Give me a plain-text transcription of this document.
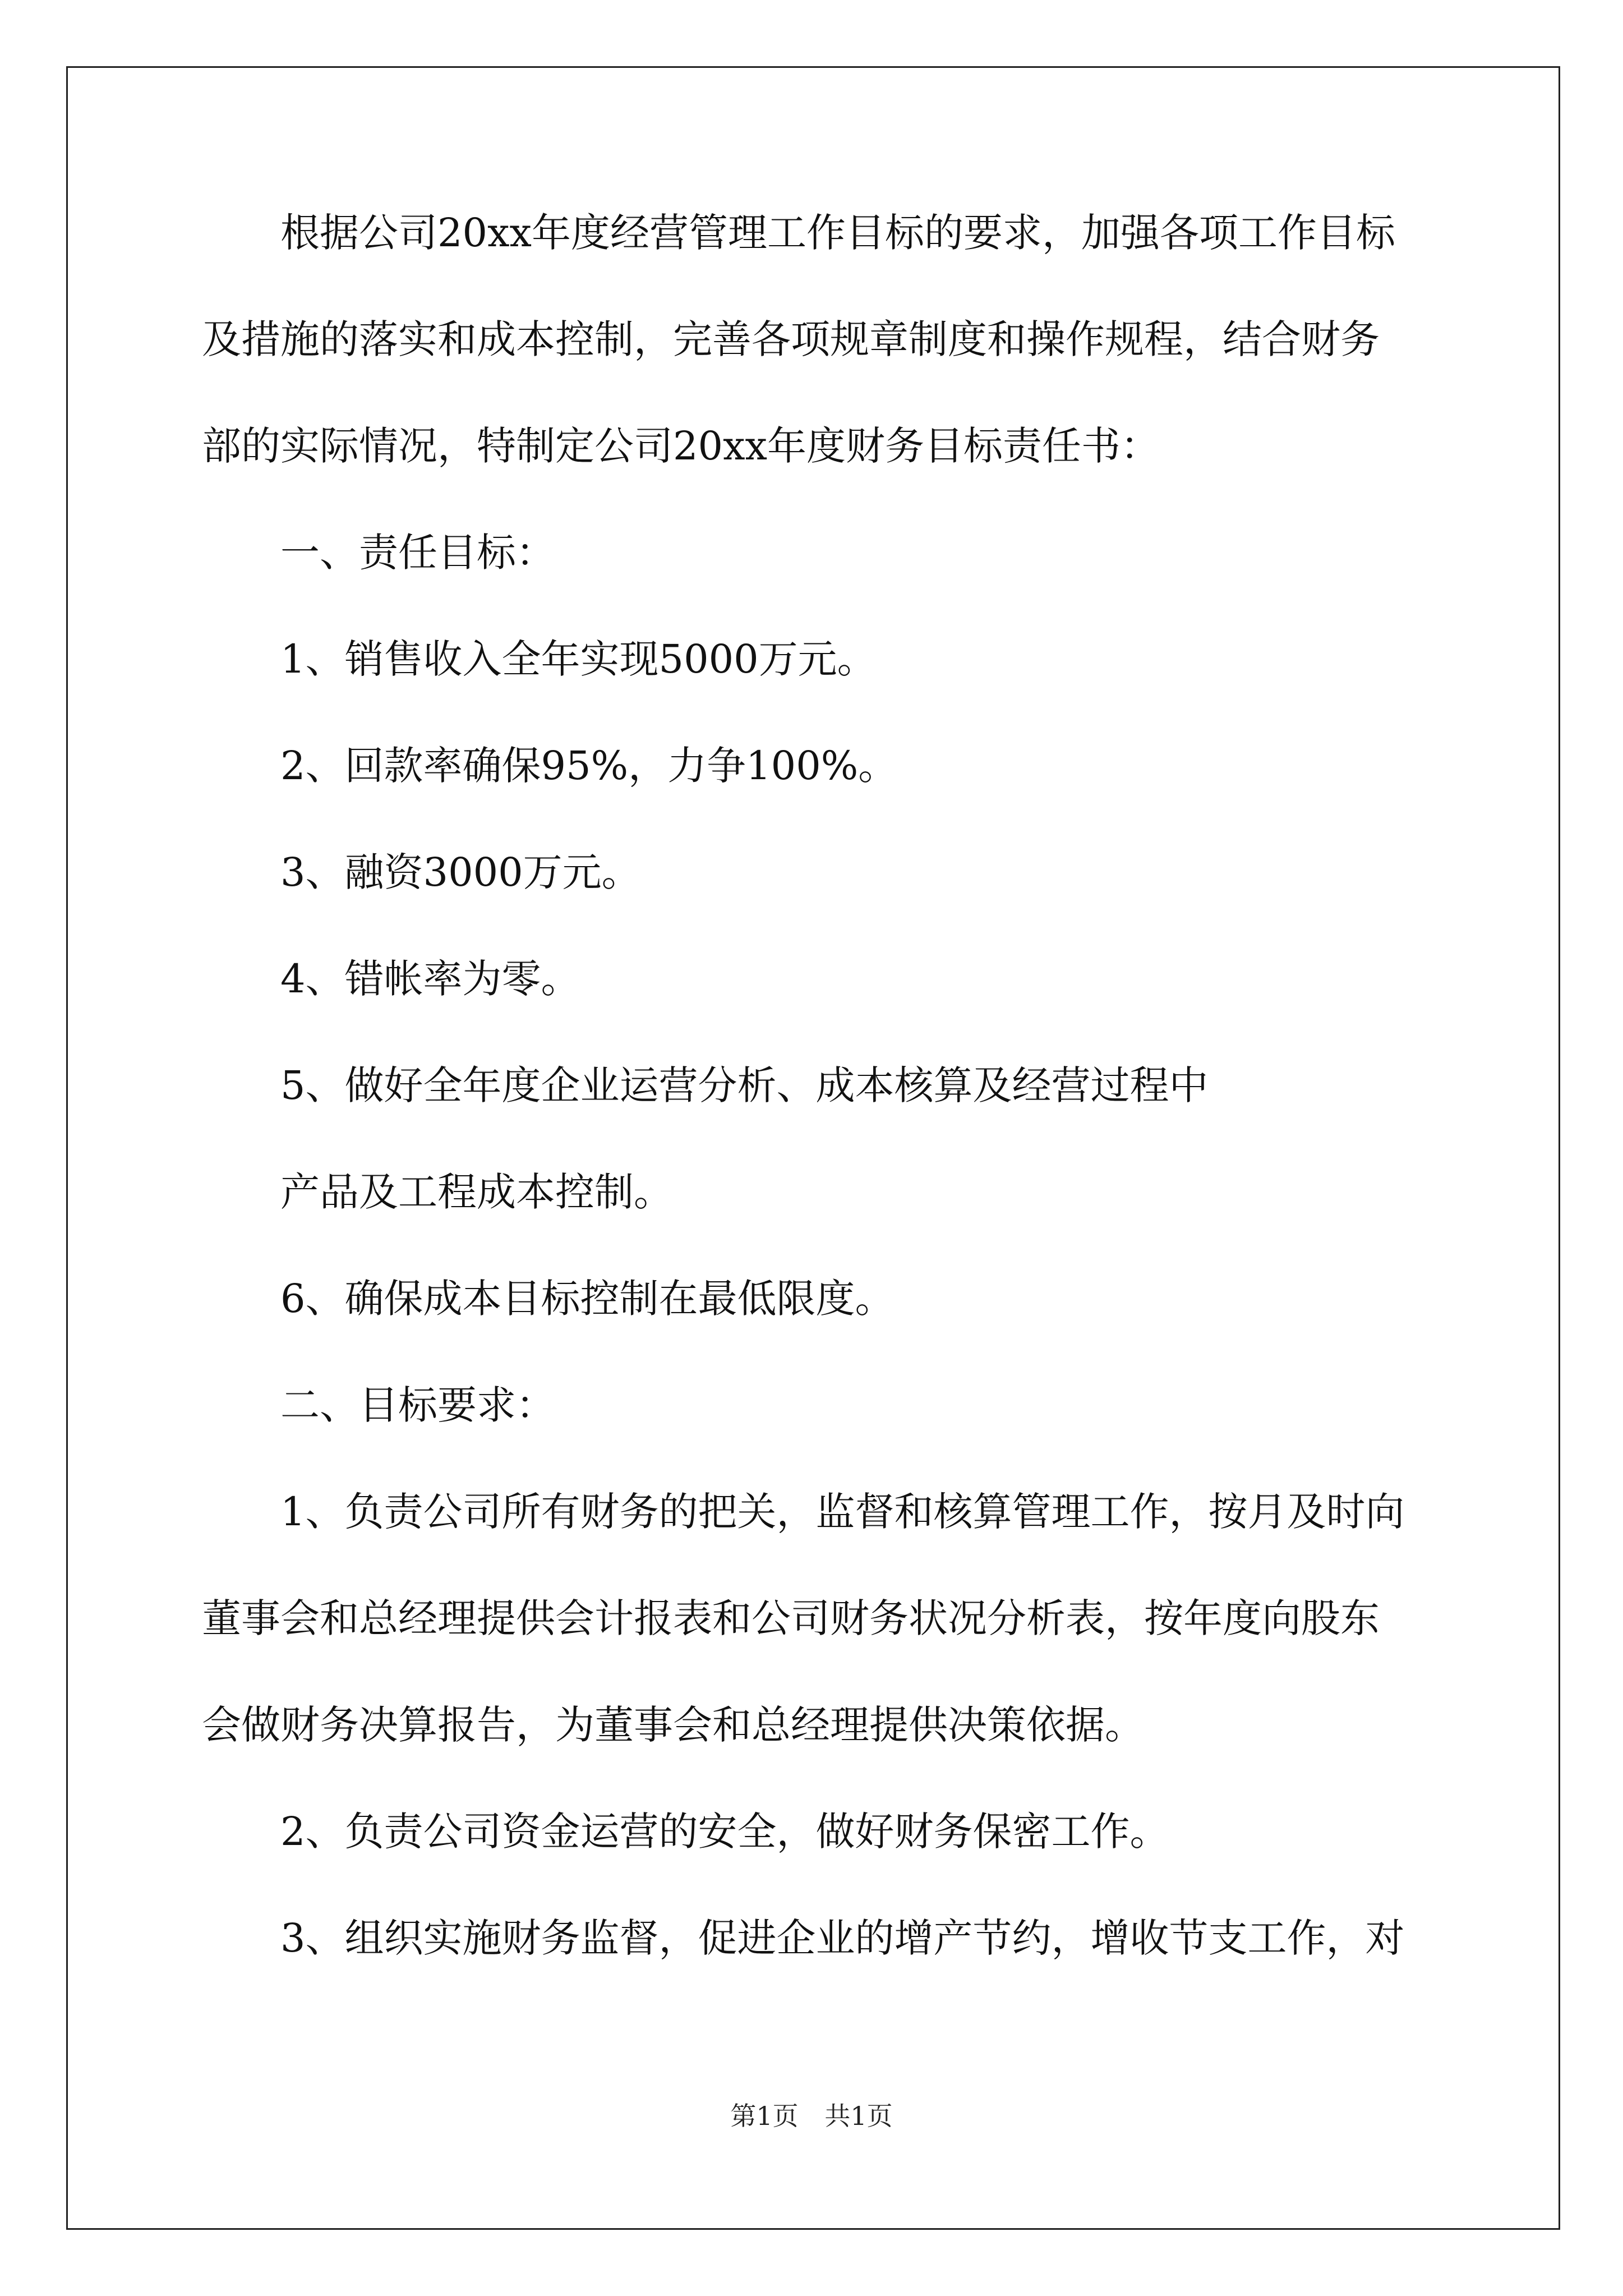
根据公司20xx年度经营管理工作目标的要求，加强各项工作目标
及措施的落实和成本控制，完善各项规章制度和操作规程，结合财务
部的实际情况，特制定公司20xx年度财务目标责任书：
一、责任目标：
1、销售收入全年实现5000万元。
2、回款率确保95%，力争100%。
3、融资3000万元。
4、错帐率为零。
5、做好全年度企业运营分析、成本核算及经营过程中
产品及工程成本控制。
6、确保成本目标控制在最低限度。
二、目标要求：
1、负责公司所有财务的把关，监督和核算管理工作，按月及时向
董事会和总经理提供会计报表和公司财务状况分析表，按年度向股东
会做财务决算报告，为董事会和总经理提供决策依据。
2、负责公司资金运营的安全，做好财务保密工作。
3、组织实施财务监督，促进企业的增产节约，增收节支工作，对
第1页 共1页
